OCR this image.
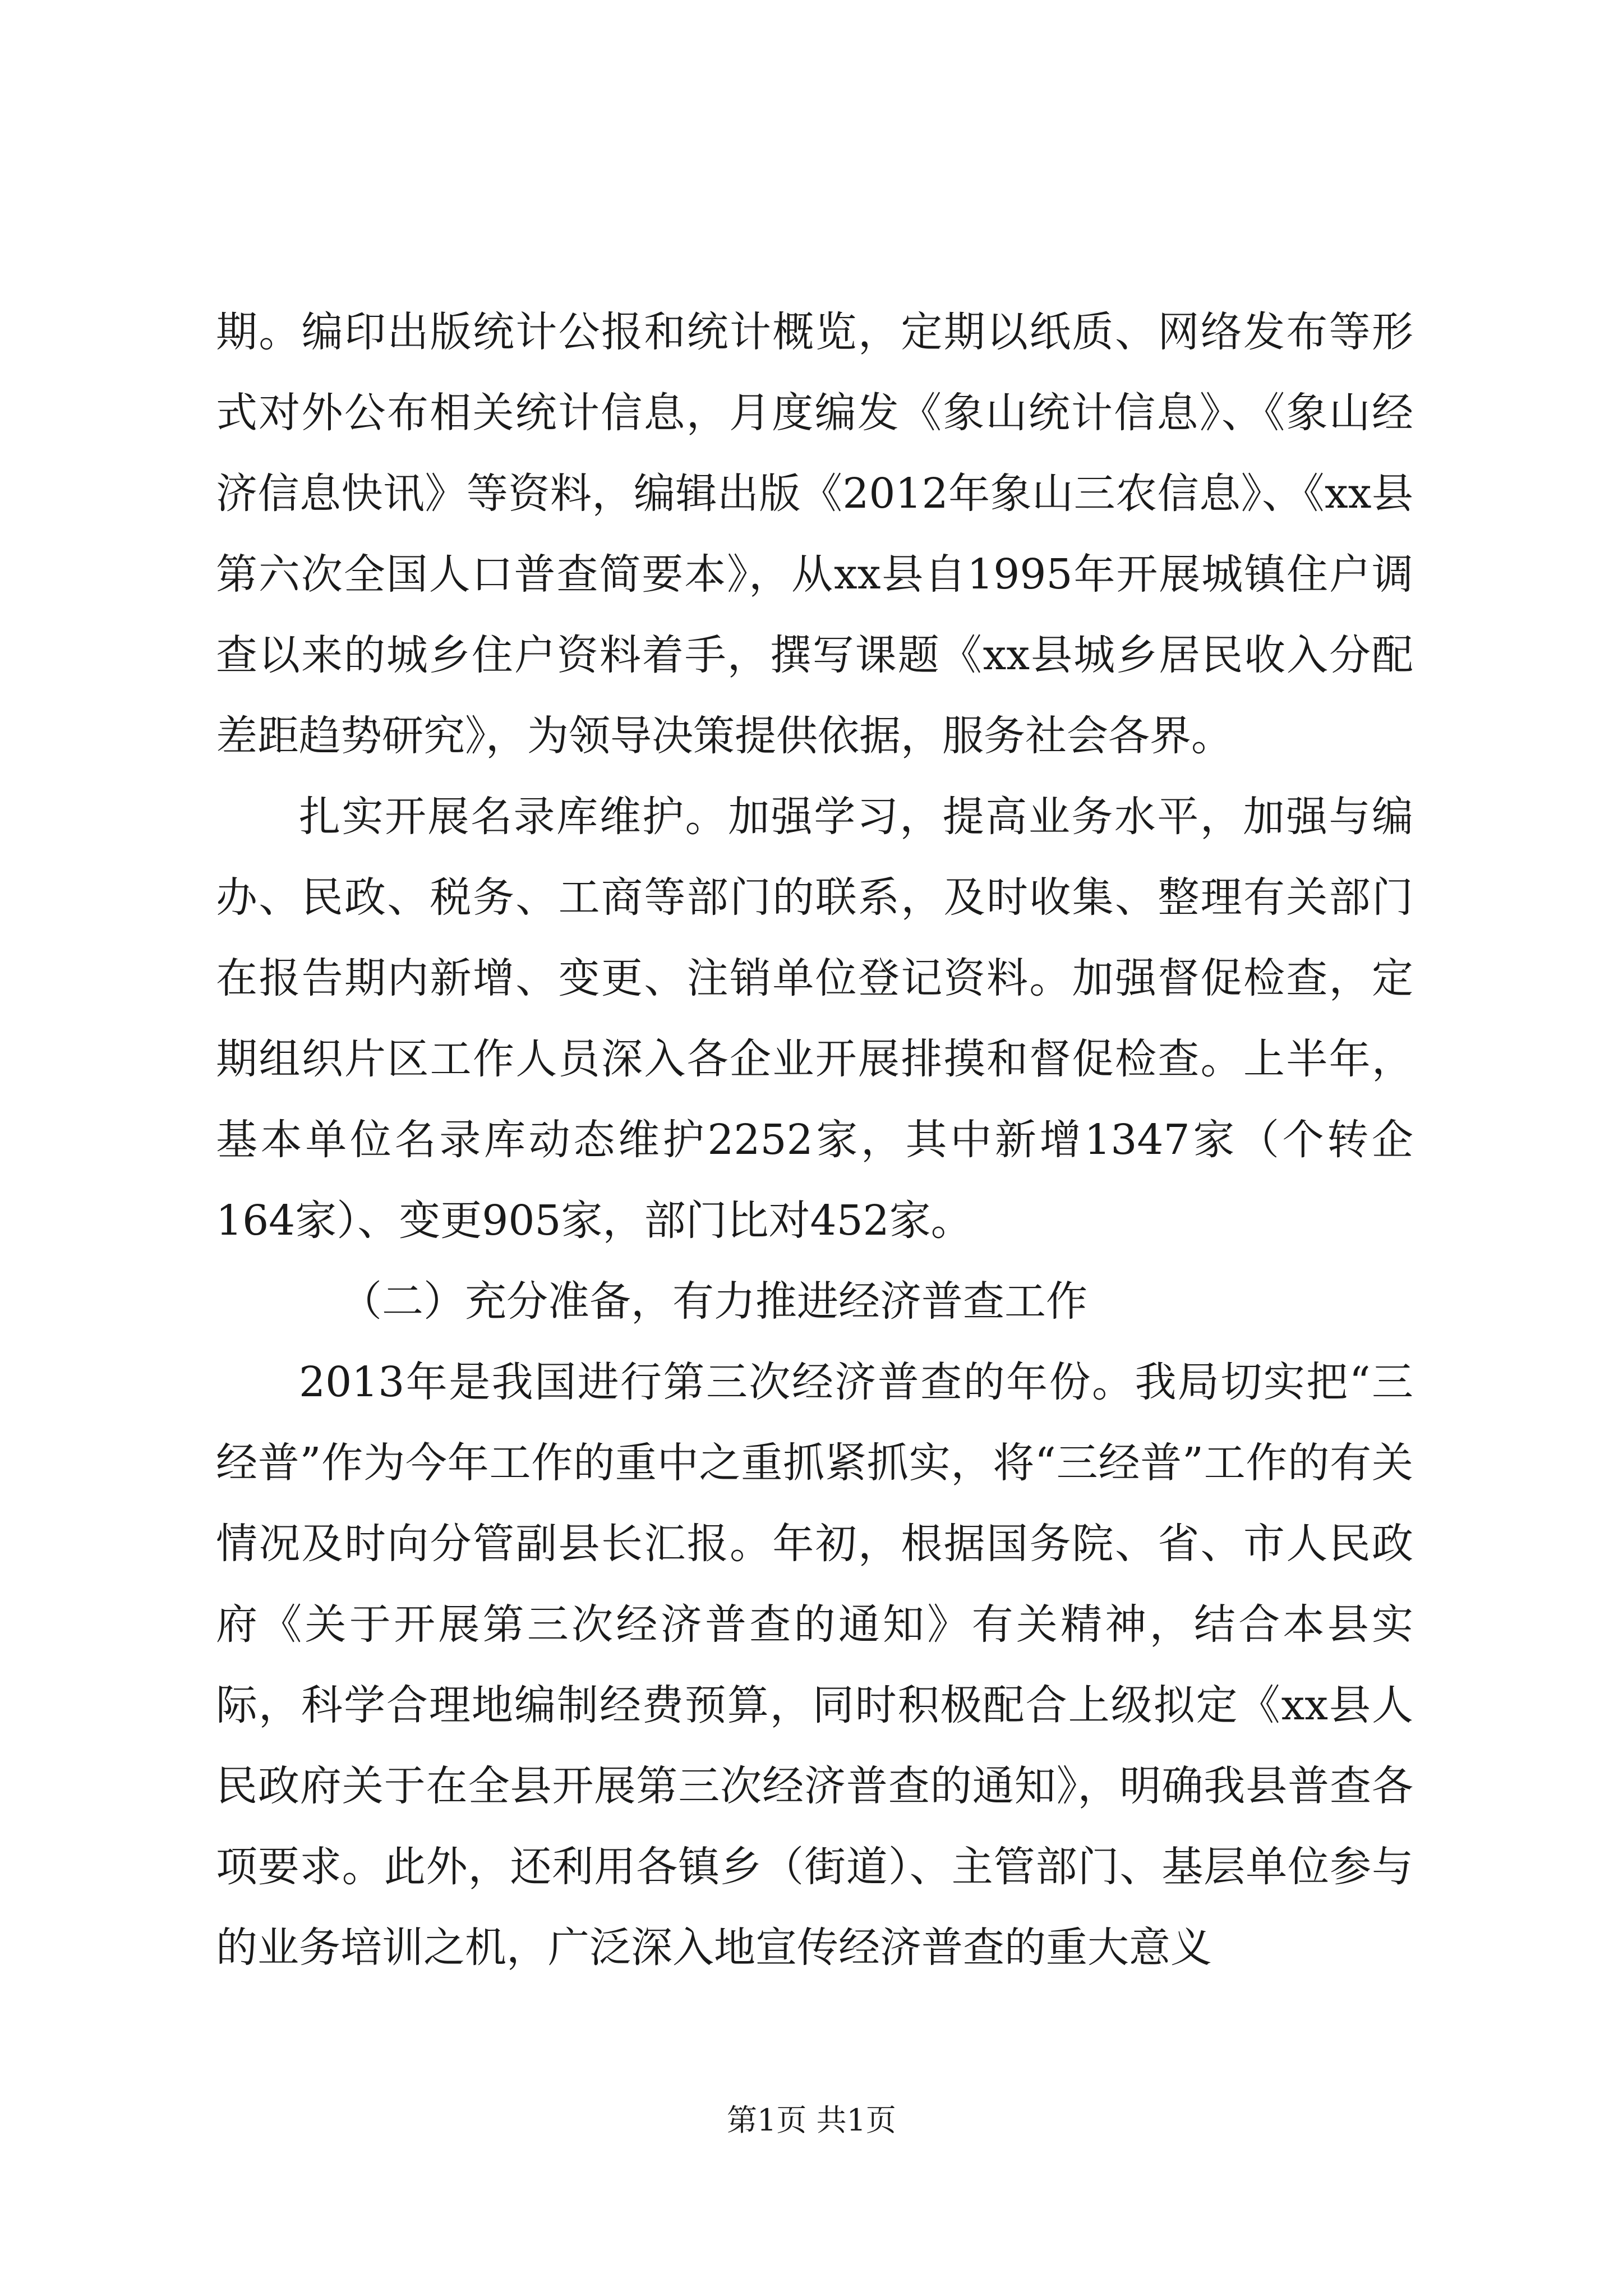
期。编印出版统计公报和统计概览，定期以纸质、网络发布等形式对外公布相关统计信息，月度编发《象山统计信息》、《象山经济信息快讯》等资料，编辑出版《2012年象山三农信息》、《xx县第六次全国人口普查简要本》，从xx县自1995年开展城镇住户调查以来的城乡住户资料着手，撰写课题《xx县城乡居民收入分配差距趋势研究》，为领导决策提供依据，服务社会各界。

扎实开展名录库维护。加强学习，提高业务水平，加强与编办、民政、税务、工商等部门的联系，及时收集、整理有关部门在报告期内新增、变更、注销单位登记资料。加强督促检查，定期组织片区工作人员深入各企业开展排摸和督促检查。上半年，基本单位名录库动态维护2252家，其中新增1347家（个转企164家）、变更905家，部门比对452家。

（二）充分准备，有力推进经济普查工作

2013年是我国进行第三次经济普查的年份。我局切实把“三经普”作为今年工作的重中之重抓紧抓实，将“三经普”工作的有关情况及时向分管副县长汇报。年初，根据国务院、省、市人民政府《关于开展第三次经济普查的通知》有关精神，结合本县实际，科学合理地编制经费预算，同时积极配合上级拟定《xx县人民政府关于在全县开展第三次经济普查的通知》，明确我县普查各项要求。此外，还利用各镇乡（街道）、主管部门、基层单位参与的业务培训之机，广泛深入地宣传经济普查的重大意义

第1页 共1页
